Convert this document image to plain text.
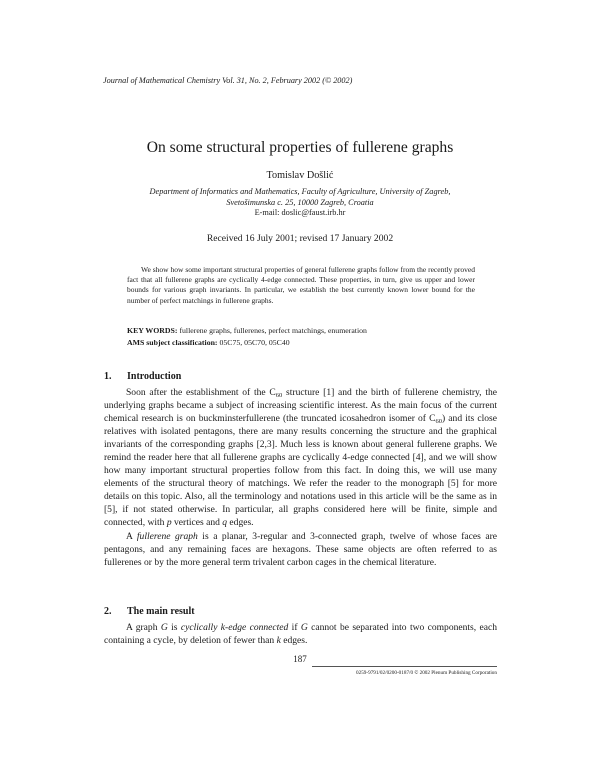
Journal of Mathematical Chemistry Vol. 31, No. 2, February 2002 (© 2002)
On some structural properties of fullerene graphs
Tomislav Došlić
Department of Informatics and Mathematics, Faculty of Agriculture, University of Zagreb,
Svetošimunska c. 25, 10000 Zagreb, Croatia
E-mail: doslic@faust.irb.hr
Received 16 July 2001; revised 17 January 2002
We show how some important structural properties of general fullerene graphs follow from the recently proved fact that all fullerene graphs are cyclically 4-edge connected. These properties, in turn, give us upper and lower bounds for various graph invariants. In particular, we establish the best currently known lower bound for the number of perfect matchings in fullerene graphs.
KEY WORDS: fullerene graphs, fullerenes, perfect matchings, enumeration
AMS subject classification: 05C75, 05C70, 05C40
1. Introduction

Soon after the establishment of the $C_{60}$ structure [1] and the birth of fullerene chemistry, the underlying graphs became a subject of increasing scientific interest. As the main focus of the current chemical research is on buckminsterfullerene (the truncated icosahedron isomer of $C_{60}$) and its close relatives with isolated pentagons, there are many results concerning the structure and the graphical invariants of the corresponding graphs [2,3]. Much less is known about general fullerene graphs. We remind the reader here that all fullerene graphs are cyclically 4-edge connected [4], and we will show how many important structural properties follow from this fact. In doing this, we will use many elements of the structural theory of matchings. We refer the reader to the monograph [5] for more details on this topic. Also, all the terminology and notations used in this article will be the same as in [5], if not stated otherwise. In particular, all graphs considered here will be finite, simple and connected, with p vertices and q edges.

A fullerene graph is a planar, 3-regular and 3-connected graph, twelve of whose faces are pentagons, and any remaining faces are hexagons. These same objects are often referred to as fullerenes or by the more general term trivalent carbon cages in the chemical literature.

2. The main result

A graph G is cyclically k-edge connected if G cannot be separated into two components, each containing a cycle, by deletion of fewer than k edges.

187
0259-9791/02/0200-0187/0 © 2002 Plenum Publishing Corporation
